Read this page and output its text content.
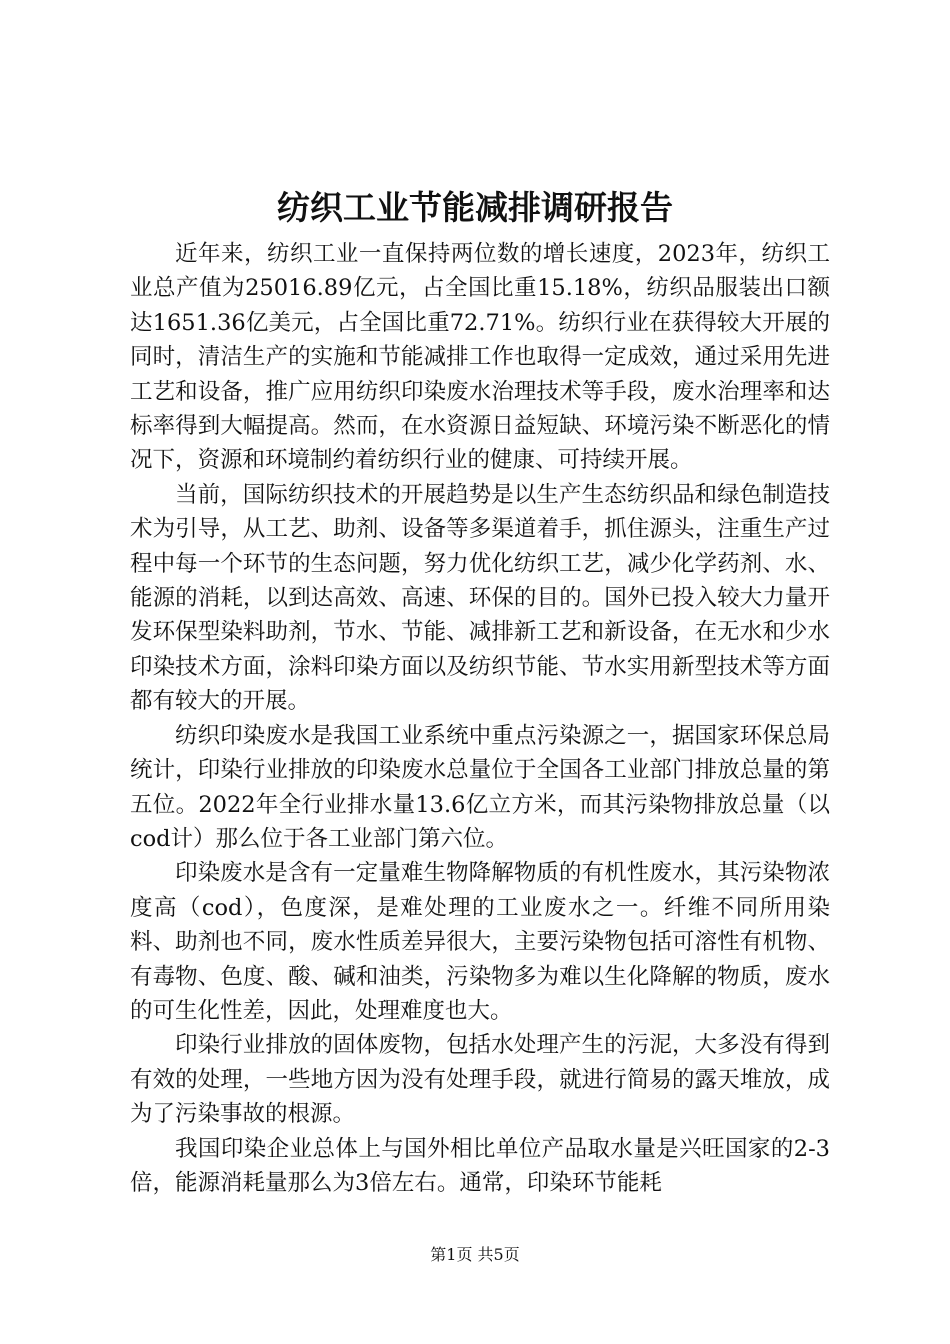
纺织工业节能减排调研报告

近年来，纺织工业一直保持两位数的增长速度，2023年，纺织工业总产值为25016.89亿元，占全国比重15.18%，纺织品服装出口额达1651.36亿美元，占全国比重72.71%。纺织行业在获得较大开展的同时，清洁生产的实施和节能减排工作也取得一定成效，通过采用先进工艺和设备，推广应用纺织印染废水治理技术等手段，废水治理率和达标率得到大幅提高。然而，在水资源日益短缺、环境污染不断恶化的情况下，资源和环境制约着纺织行业的健康、可持续开展。

当前，国际纺织技术的开展趋势是以生产生态纺织品和绿色制造技术为引导，从工艺、助剂、设备等多渠道着手，抓住源头，注重生产过程中每一个环节的生态问题，努力优化纺织工艺，减少化学药剂、水、能源的消耗，以到达高效、高速、环保的目的。国外已投入较大力量开发环保型染料助剂，节水、节能、减排新工艺和新设备，在无水和少水印染技术方面，涂料印染方面以及纺织节能、节水实用新型技术等方面都有较大的开展。

纺织印染废水是我国工业系统中重点污染源之一，据国家环保总局统计，印染行业排放的印染废水总量位于全国各工业部门排放总量的第五位。2022年全行业排水量13.6亿立方米，而其污染物排放总量（以cod计）那么位于各工业部门第六位。

印染废水是含有一定量难生物降解物质的有机性废水，其污染物浓度高（cod），色度深，是难处理的工业废水之一。纤维不同所用染料、助剂也不同，废水性质差异很大，主要污染物包括可溶性有机物、有毒物、色度、酸、碱和油类，污染物多为难以生化降解的物质，废水的可生化性差，因此，处理难度也大。

印染行业排放的固体废物，包括水处理产生的污泥，大多没有得到有效的处理，一些地方因为没有处理手段，就进行简易的露天堆放，成为了污染事故的根源。

我国印染企业总体上与国外相比单位产品取水量是兴旺国家的2-3倍，能源消耗量那么为3倍左右。通常，印染环节能耗

第1页 共5页
